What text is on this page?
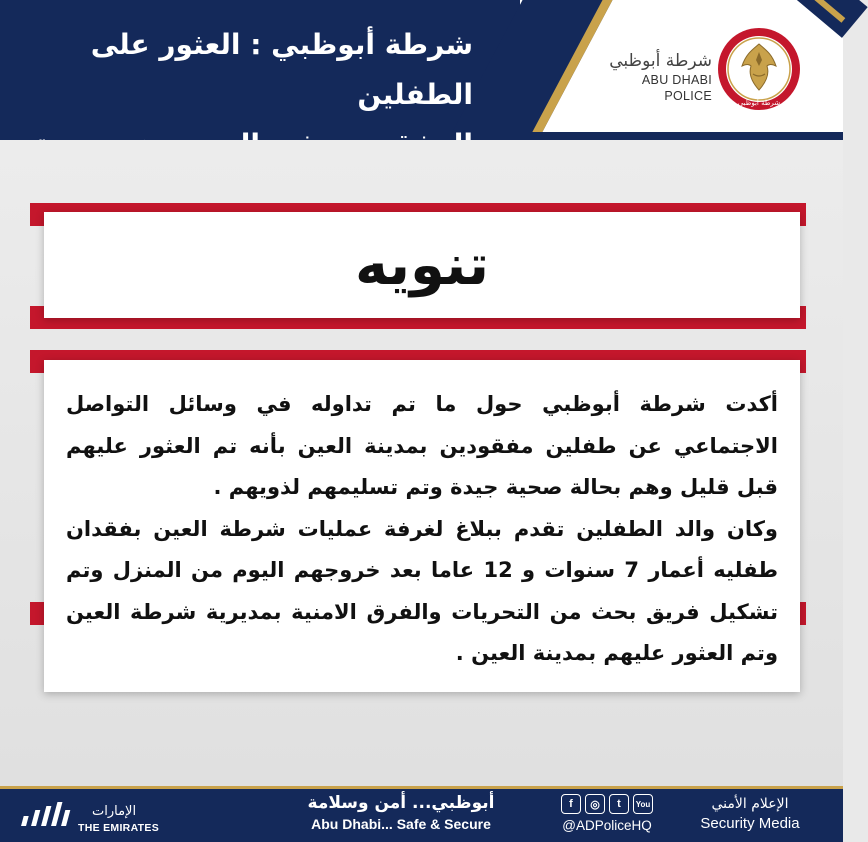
شرطة أبوظبي : العثور على الطفلين
شرطة أبوظبي
ABU DHABI POLICE	شرطة أبوظبي
تنويه

أكدت شرطة أبوظبي حول ما تم تداوله في وسائل التواصل الاجتماعي عن طفلين مفقودين بمدينة العين بأنه تم العثور عليهم قبل قليل وهم بحالة صحية جيدة وتم تسليمهم لذويهم .

وكان والد الطفلين تقدم ببلاغ لغرفة عمليات شرطة العين بفقدان طفليه أعمار 7 سنوات و 12 عاما بعد خروجهم اليوم من المنزل وتم تشكيل فريق بحث من التحريات والفرق الامنية بمديرية شرطة العين وتم العثور عليهم بمدينة العين .

الإمارات
THE EMIRATES
أبوظبي... أمن وسلامة
Abu Dhabi... Safe & Secure
f	◎	t	You
@ADPoliceHQ
الإعلام الأمني
Security Media
